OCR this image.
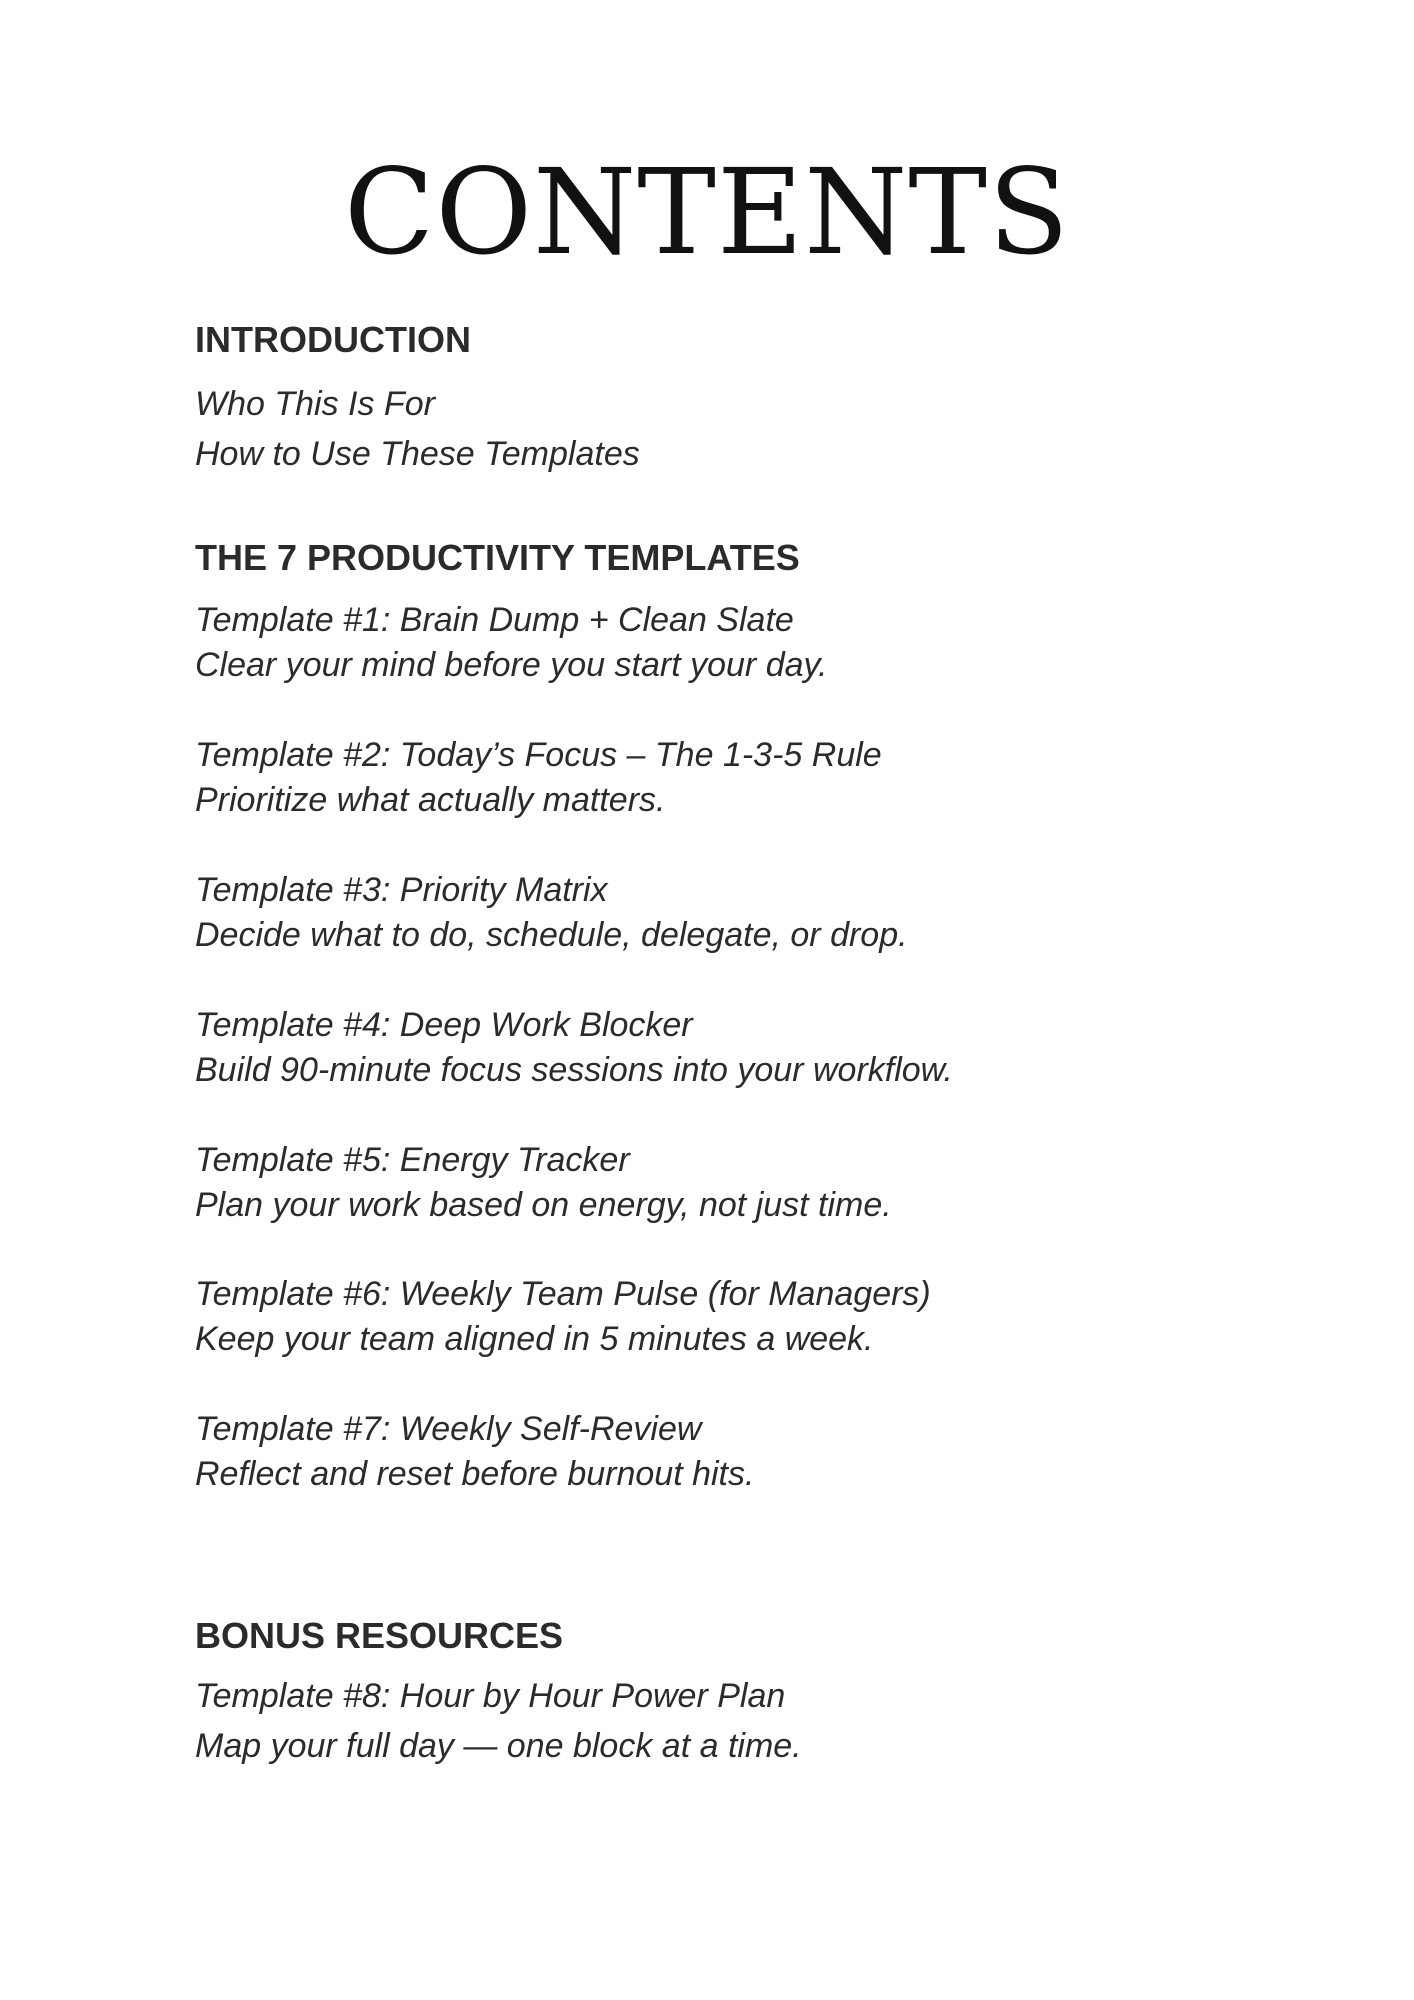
CONTENTS
INTRODUCTION
Who This Is For
How to Use These Templates
THE 7 PRODUCTIVITY TEMPLATES
Template #1: Brain Dump + Clean Slate
Clear your mind before you start your day.
Template #2: Today’s Focus – The 1-3-5 Rule
Prioritize what actually matters.
Template #3: Priority Matrix
Decide what to do, schedule, delegate, or drop.
Template #4: Deep Work Blocker
Build 90-minute focus sessions into your workflow.
Template #5: Energy Tracker
Plan your work based on energy, not just time.
Template #6: Weekly Team Pulse (for Managers)
Keep your team aligned in 5 minutes a week.
Template #7: Weekly Self-Review
Reflect and reset before burnout hits.
BONUS RESOURCES
Template #8: Hour by Hour Power Plan
Map your full day — one block at a time.
